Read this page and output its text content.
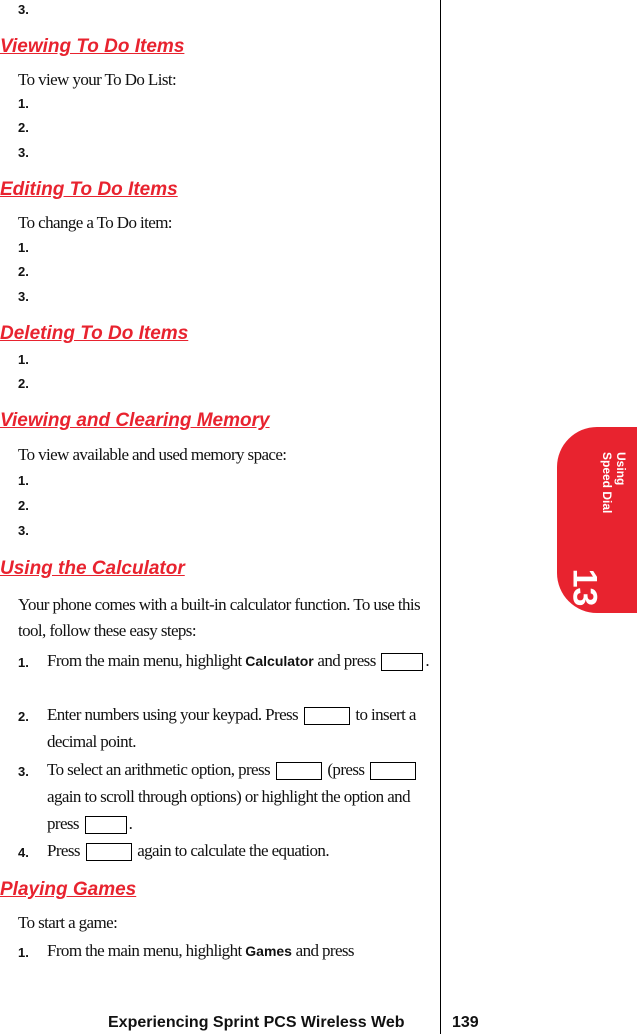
Using
Speed Dial
13
3.
Viewing To Do Items

To view your To Do List:

1.
2.
3.
Editing To Do Items

To change a To Do item:

1.
2.
3.
Deleting To Do Items
1.
2.
Viewing and Clearing Memory

To view available and used memory space:

1.
2.
3.
Using the Calculator

Your phone comes with a built-in calculator function. To use this tool, follow these easy steps:

1. From the main menu, highlight Calculator and press	.

2. Enter numbers using your keypad. Press	to insert a decimal point.

3. To select an arithmetic option, press	(press  again to scroll through options) or highlight the option and press	.

4. Press	again to calculate the equation.

Playing Games

To start a game:

1. From the main menu, highlight Games and press

Experiencing Sprint PCS Wireless Web	139
